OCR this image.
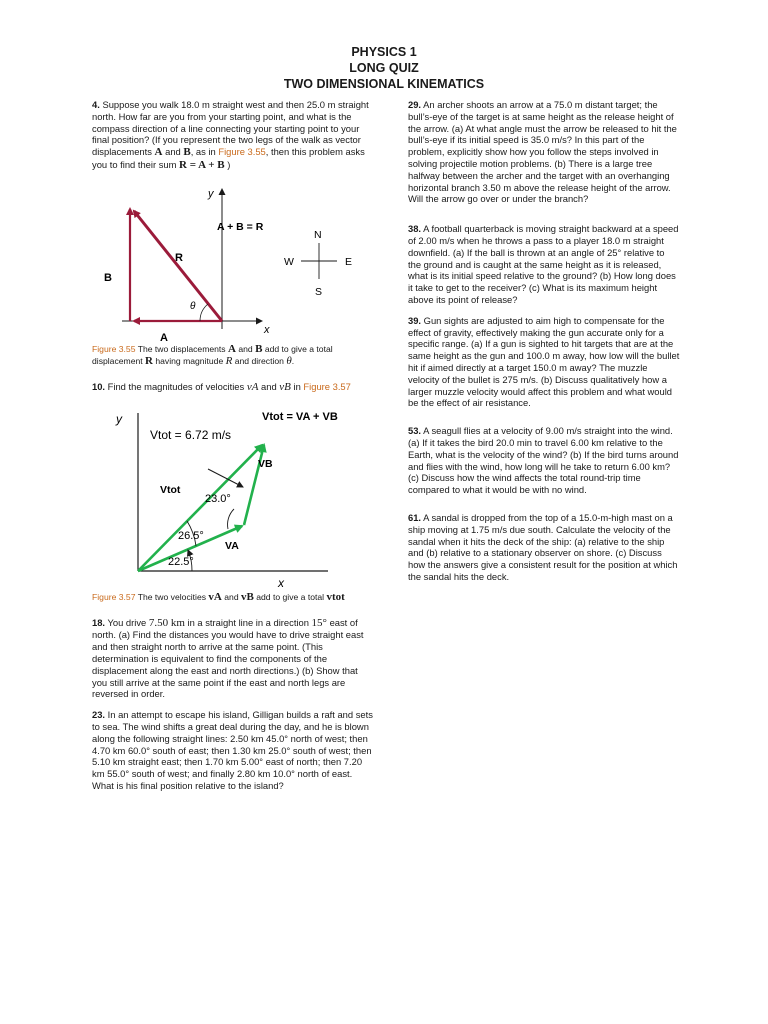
PHYSICS 1
LONG QUIZ
TWO DIMENSIONAL KINEMATICS

4. Suppose you walk 18.0 m straight west and then 25.0 m straight north. How far are you from your starting point, and what is the compass direction of a line connecting your starting point to your final position? (If you represent the two legs of the walk as vector displacements A and B, as in Figure 3.55, then this problem asks you to find their sum R = A + B )

y
x
A + B = R
R
B
A
θ
N
S
W	E

Figure 3.55 The two displacements A and B add to give a total displacement R having magnitude R and direction θ.

10. Find the magnitudes of velocities vA and vB in Figure 3.57

y
x
Vtot = VA + VB
Vtot = 6.72 m/s
VB
Vtot
23.0°
26.5°
VA
22.5°

Figure 3.57 The two velocities vA and vB add to give a total vtot

18. You drive 7.50 km in a straight line in a direction 15° east of north. (a) Find the distances you would have to drive straight east and then straight north to arrive at the same point. (This determination is equivalent to find the components of the displacement along the east and north directions.) (b) Show that you still arrive at the same point if the east and north legs are reversed in order.

23. In an attempt to escape his island, Gilligan builds a raft and sets to sea. The wind shifts a great deal during the day, and he is blown along the following straight lines: 2.50 km 45.0° north of west; then 4.70 km 60.0° south of east; then 1.30 km 25.0° south of west; then 5.10 km straight east; then 1.70 km 5.00° east of north; then 7.20 km 55.0° south of west; and finally 2.80 km 10.0° north of east. What is his final position relative to the island?

29. An archer shoots an arrow at a 75.0 m distant target; the bull’s-eye of the target is at same height as the release height of the arrow. (a) At what angle must the arrow be released to hit the bull’s-eye if its initial speed is 35.0 m/s? In this part of the problem, explicitly show how you follow the steps involved in solving projectile motion problems. (b) There is a large tree halfway between the archer and the target with an overhanging horizontal branch 3.50 m above the release height of the arrow. Will the arrow go over or under the branch?

38. A football quarterback is moving straight backward at a speed of 2.00 m/s when he throws a pass to a player 18.0 m straight downfield. (a) If the ball is thrown at an angle of 25° relative to the ground and is caught at the same height as it is released, what is its initial speed relative to the ground? (b) How long does it take to get to the receiver? (c) What is its maximum height above its point of release?

39. Gun sights are adjusted to aim high to compensate for the effect of gravity, effectively making the gun accurate only for a specific range. (a) If a gun is sighted to hit targets that are at the same height as the gun and 100.0 m away, how low will the bullet hit if aimed directly at a target 150.0 m away? The muzzle velocity of the bullet is 275 m/s. (b) Discuss qualitatively how a larger muzzle velocity would affect this problem and what would be the effect of air resistance.

53. A seagull flies at a velocity of 9.00 m/s straight into the wind. (a) If it takes the bird 20.0 min to travel 6.00 km relative to the Earth, what is the velocity of the wind? (b) If the bird turns around and flies with the wind, how long will he take to return 6.00 km? (c) Discuss how the wind affects the total round-trip time compared to what it would be with no wind.

61. A sandal is dropped from the top of a 15.0-m-high mast on a ship moving at 1.75 m/s due south. Calculate the velocity of the sandal when it hits the deck of the ship: (a) relative to the ship and (b) relative to a stationary observer on shore. (c) Discuss how the answers give a consistent result for the position at which the sandal hits the deck.
